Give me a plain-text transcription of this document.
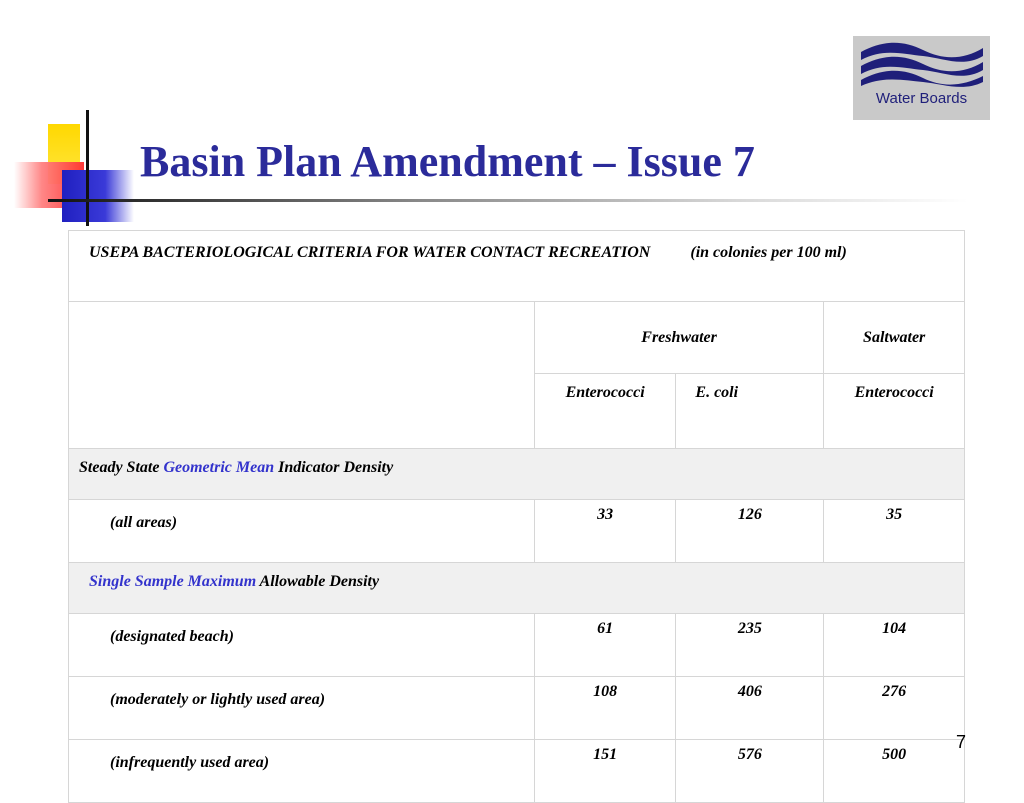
Basin Plan Amendment – Issue 7
Water Boards
USEPA BACTERIOLOGICAL CRITERIA FOR WATER CONTACT RECREATION (in colonies per 100 ml)			
	Freshwater		Saltwater
	Enterococci	E. coli	Enterococci
Steady State Geometric Mean Indicator Density			
(all areas)	33	126	35
Single Sample Maximum Allowable Density			
(designated beach)	61	235	104
(moderately or lightly used area)	108	406	276
(infrequently used area)	151	576	500
7
